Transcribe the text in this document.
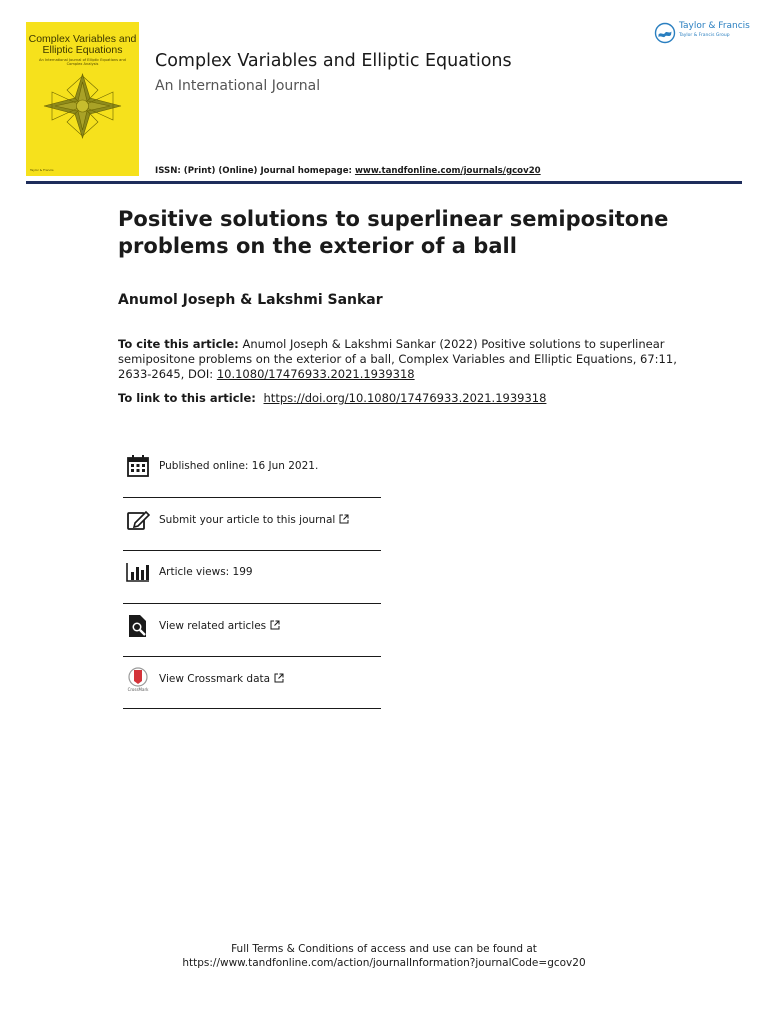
Complex Variables and Elliptic Equations
An International Journal of Elliptic Equations and Complex Analysis
Taylor & Francis
Complex Variables and Elliptic Equations
An International Journal
ISSN: (Print) (Online) Journal homepage: www.tandfonline.com/journals/gcov20
Taylor & Francis
Taylor & Francis Group
Positive solutions to superlinear semipositone problems on the exterior of a ball
Anumol Joseph & Lakshmi Sankar
To cite this article: Anumol Joseph & Lakshmi Sankar (2022) Positive solutions to superlinear semipositone problems on the exterior of a ball, Complex Variables and Elliptic Equations, 67:11, 2633-2645, DOI: 10.1080/17476933.2021.1939318
To link to this article:  https://doi.org/10.1080/17476933.2021.1939318
Published online: 16 Jun 2021.
Submit your article to this journal
Article views: 199
View related articles
CrossMark
View Crossmark data
Full Terms & Conditions of access and use can be found at
https://www.tandfonline.com/action/journalInformation?journalCode=gcov20
